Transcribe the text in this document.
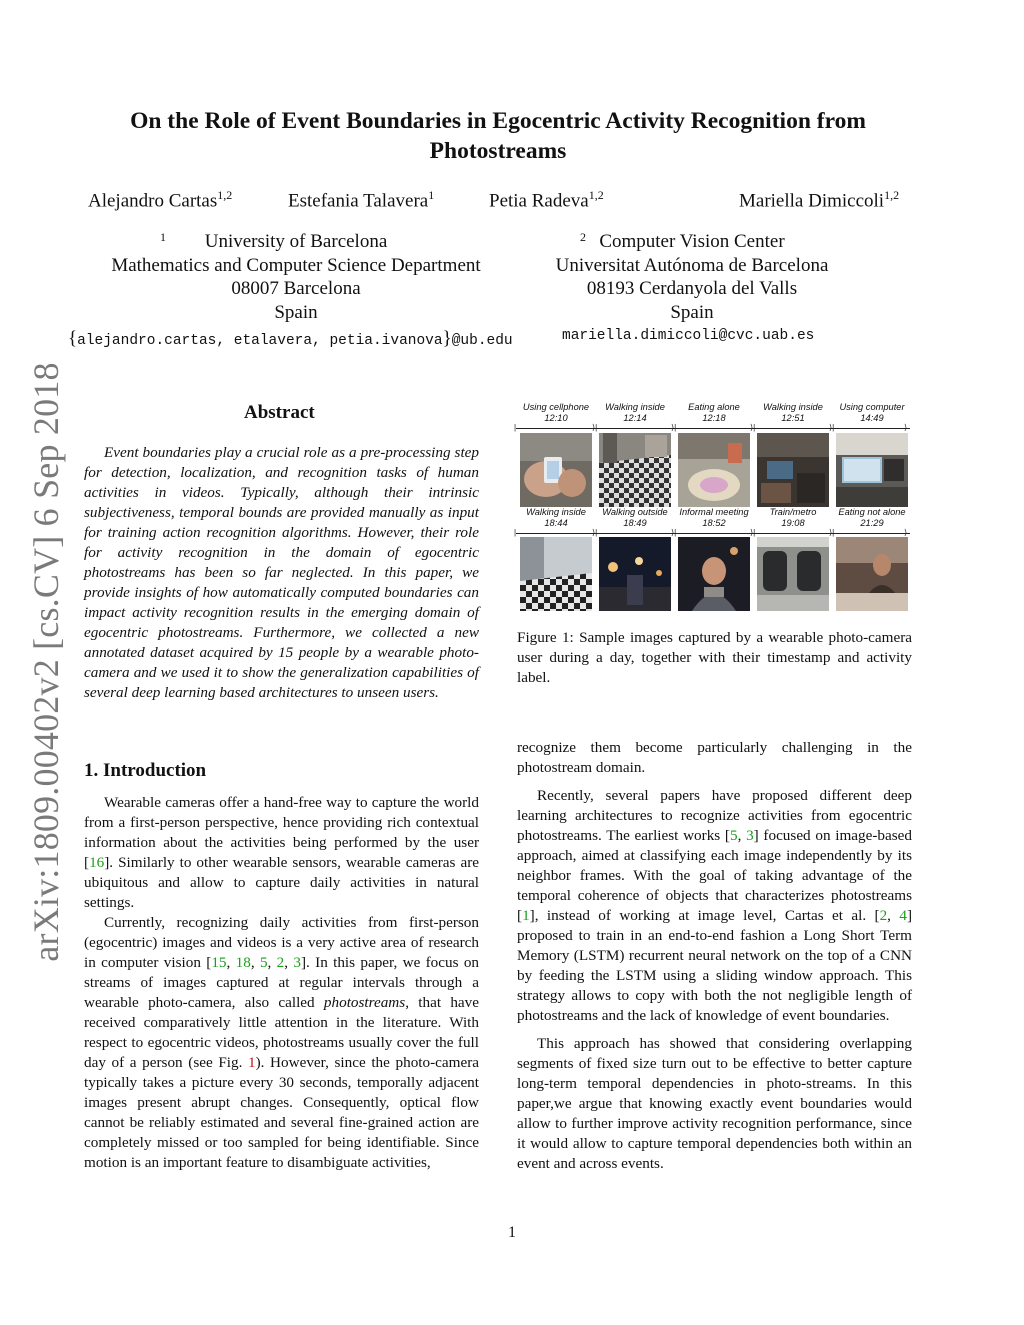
arXiv:1809.00402v2 [cs.CV] 6 Sep 2018
On the Role of Event Boundaries in Egocentric Activity Recognition from Photostreams
Alejandro Cartas$^{1,2}$	Estefania Talavera$^1$	Petia Radeva$^{1,2}$	Mariella Dimiccoli$^{1,2}$
1	University of Barcelona
Mathematics and Computer Science Department
08007 Barcelona
Spain
2 Computer Vision Center
Universitat Autónoma de Barcelona
08193 Cerdanyola del Valls
Spain
{alejandro.cartas, etalavera, petia.ivanova}@ub.edu	mariella.dimiccoli@cvc.uab.es
Abstract
Event boundaries play a crucial role as a pre-processing step for detection, localization, and recognition tasks of human activities in videos. Typically, although their intrinsic subjectiveness, temporal bounds are provided manually as input for training action recognition algorithms. However, their role for activity recognition in the domain of egocentric photostreams has been so far neglected. In this paper, we provide insights of how automatically computed boundaries can impact activity recognition results in the emerging domain of egocentric photostreams. Furthermore, we collected a new annotated dataset acquired by 15 people by a wearable photo-camera and we used it to show the generalization capabilities of several deep learning based architectures to unseen users.
1. Introduction

Wearable cameras offer a hand-free way to capture the world from a first-person perspective, hence providing rich contextual information about the activities being performed by the user [16]. Similarly to other wearable sensors, wearable cameras are ubiquitous and allow to capture daily activities in natural settings.

Currently, recognizing daily activities from first-person (egocentric) images and videos is a very active area of research in computer vision [15, 18, 5, 2, 3]. In this paper, we focus on streams of images captured at regular intervals through a wearable photo-camera, also called photostreams, that have received comparatively little attention in the literature. With respect to egocentric videos, photostreams usually cover the full day of a person (see Fig. 1). However, since the photo-camera typically takes a picture every 30 seconds, temporally adjacent images present abrupt changes. Consequently, optical flow cannot be reliably estimated and several fine-grained action are completely missed or too sampled for being identifiable. Since motion is an important feature to disambiguate activities,

Using cellphone
12:10
Walking inside
12:14
Eating alone
12:18
Walking inside
12:51
Using computer
14:49
|	⟩|	⟩|	⟩|	⟩|	⟩
Walking inside
18:44
Walking outside
18:49
Informal meeting
18:52
Train/metro
19:08
Eating not alone
21:29
|	⟩|	⟩|	⟩|	⟩|	⟩
Figure 1: Sample images captured by a wearable photo-camera user during a day, together with their timestamp and activity label.

recognize them become particularly challenging in the photostream domain.

Recently, several papers have proposed different deep learning architectures to recognize activities from egocentric photostreams. The earliest works [5, 3] focused on image-based approach, aimed at classifying each image independently by its neighbor frames. With the goal of taking advantage of the temporal coherence of objects that characterizes photostreams [1], instead of working at image level, Cartas et al. [2, 4] proposed to train in an end-to-end fashion a Long Short Term Memory (LSTM) recurrent neural network on the top of a CNN by feeding the LSTM using a sliding window approach. This strategy allows to copy with both the not negligible length of photostreams and the lack of knowledge of event boundaries.

This approach has showed that considering overlapping segments of fixed size turn out to be effective to better capture long-term temporal dependencies in photo-streams. In this paper,we argue that knowing exactly event boundaries would allow to further improve activity recognition performance, since it would allow to capture temporal dependencies both within an event and across events.

1
